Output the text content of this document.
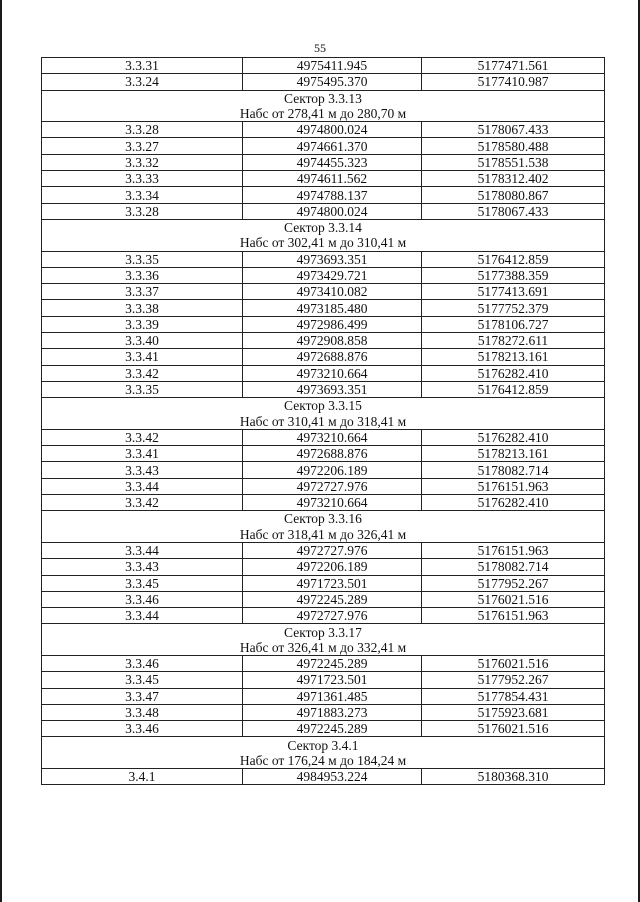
55
3.3.31	4975411.945	5177471.561
3.3.24	4975495.370	5177410.987
Сектор 3.3.13		
Набс от 278,41 м до 280,70 м		
3.3.28	4974800.024	5178067.433
3.3.27	4974661.370	5178580.488
3.3.32	4974455.323	5178551.538
3.3.33	4974611.562	5178312.402
3.3.34	4974788.137	5178080.867
3.3.28	4974800.024	5178067.433
Сектор 3.3.14		
Набс от 302,41 м до 310,41 м		
3.3.35	4973693.351	5176412.859
3.3.36	4973429.721	5177388.359
3.3.37	4973410.082	5177413.691
3.3.38	4973185.480	5177752.379
3.3.39	4972986.499	5178106.727
3.3.40	4972908.858	5178272.611
3.3.41	4972688.876	5178213.161
3.3.42	4973210.664	5176282.410
3.3.35	4973693.351	5176412.859
Сектор 3.3.15		
Набс от 310,41 м до 318,41 м		
3.3.42	4973210.664	5176282.410
3.3.41	4972688.876	5178213.161
3.3.43	4972206.189	5178082.714
3.3.44	4972727.976	5176151.963
3.3.42	4973210.664	5176282.410
Сектор 3.3.16		
Набс от 318,41 м до 326,41 м		
3.3.44	4972727.976	5176151.963
3.3.43	4972206.189	5178082.714
3.3.45	4971723.501	5177952.267
3.3.46	4972245.289	5176021.516
3.3.44	4972727.976	5176151.963
Сектор 3.3.17		
Набс от 326,41 м до 332,41 м		
3.3.46	4972245.289	5176021.516
3.3.45	4971723.501	5177952.267
3.3.47	4971361.485	5177854.431
3.3.48	4971883.273	5175923.681
3.3.46	4972245.289	5176021.516
Сектор 3.4.1		
Набс от 176,24 м до 184,24 м		
3.4.1	4984953.224	5180368.310
